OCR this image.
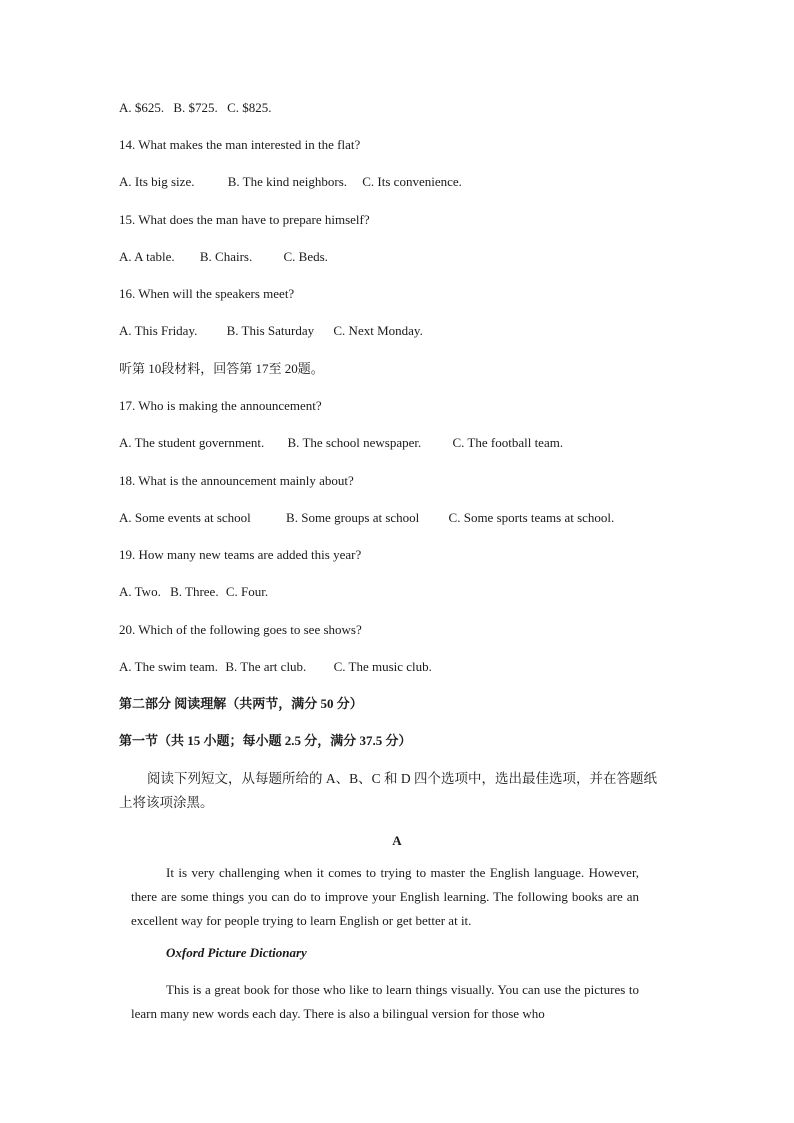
A. $625. B. $725. C. $825.
14. What makes the man interested in the flat?
A. Its big size.	B. The kind neighbors. C. Its convenience.
15. What does the man have to prepare himself?
A. A table. B. Chairs. C. Beds.
16. When will the speakers meet?
A. This Friday. B. This Saturday C. Next Monday.
听第 10段材料，回答第 17至 20题。
17. Who is making the announcement?
A. The student government. B. The school newspaper. C. The football team.
18. What is the announcement mainly about?
A. Some events at school	B. Some groups at school C. Some sports teams at school.
19. How many new teams are added this year?
A. Two. B. Three. C. Four.
20. Which of the following goes to see shows?
A. The swim team. B. The art club. C. The music club.
第二部分 阅读理解（共两节，满分 50 分）
第一节（共 15 小题；每小题 2.5 分，满分 37.5 分）
阅读下列短文，从每题所给的 A、B、C 和 D 四个选项中，选出最佳选项，并在答题纸
上将该项涂黑。
A
It is very challenging when it comes to trying to master the English language. However, there are some things you can do to improve your English learning. The following books are an excellent way for people trying to learn English or get better at it.
Oxford Picture Dictionary
This is a great book for those who like to learn things visually. You can use the pictures to learn many new words each day. There is also a bilingual version for those who
